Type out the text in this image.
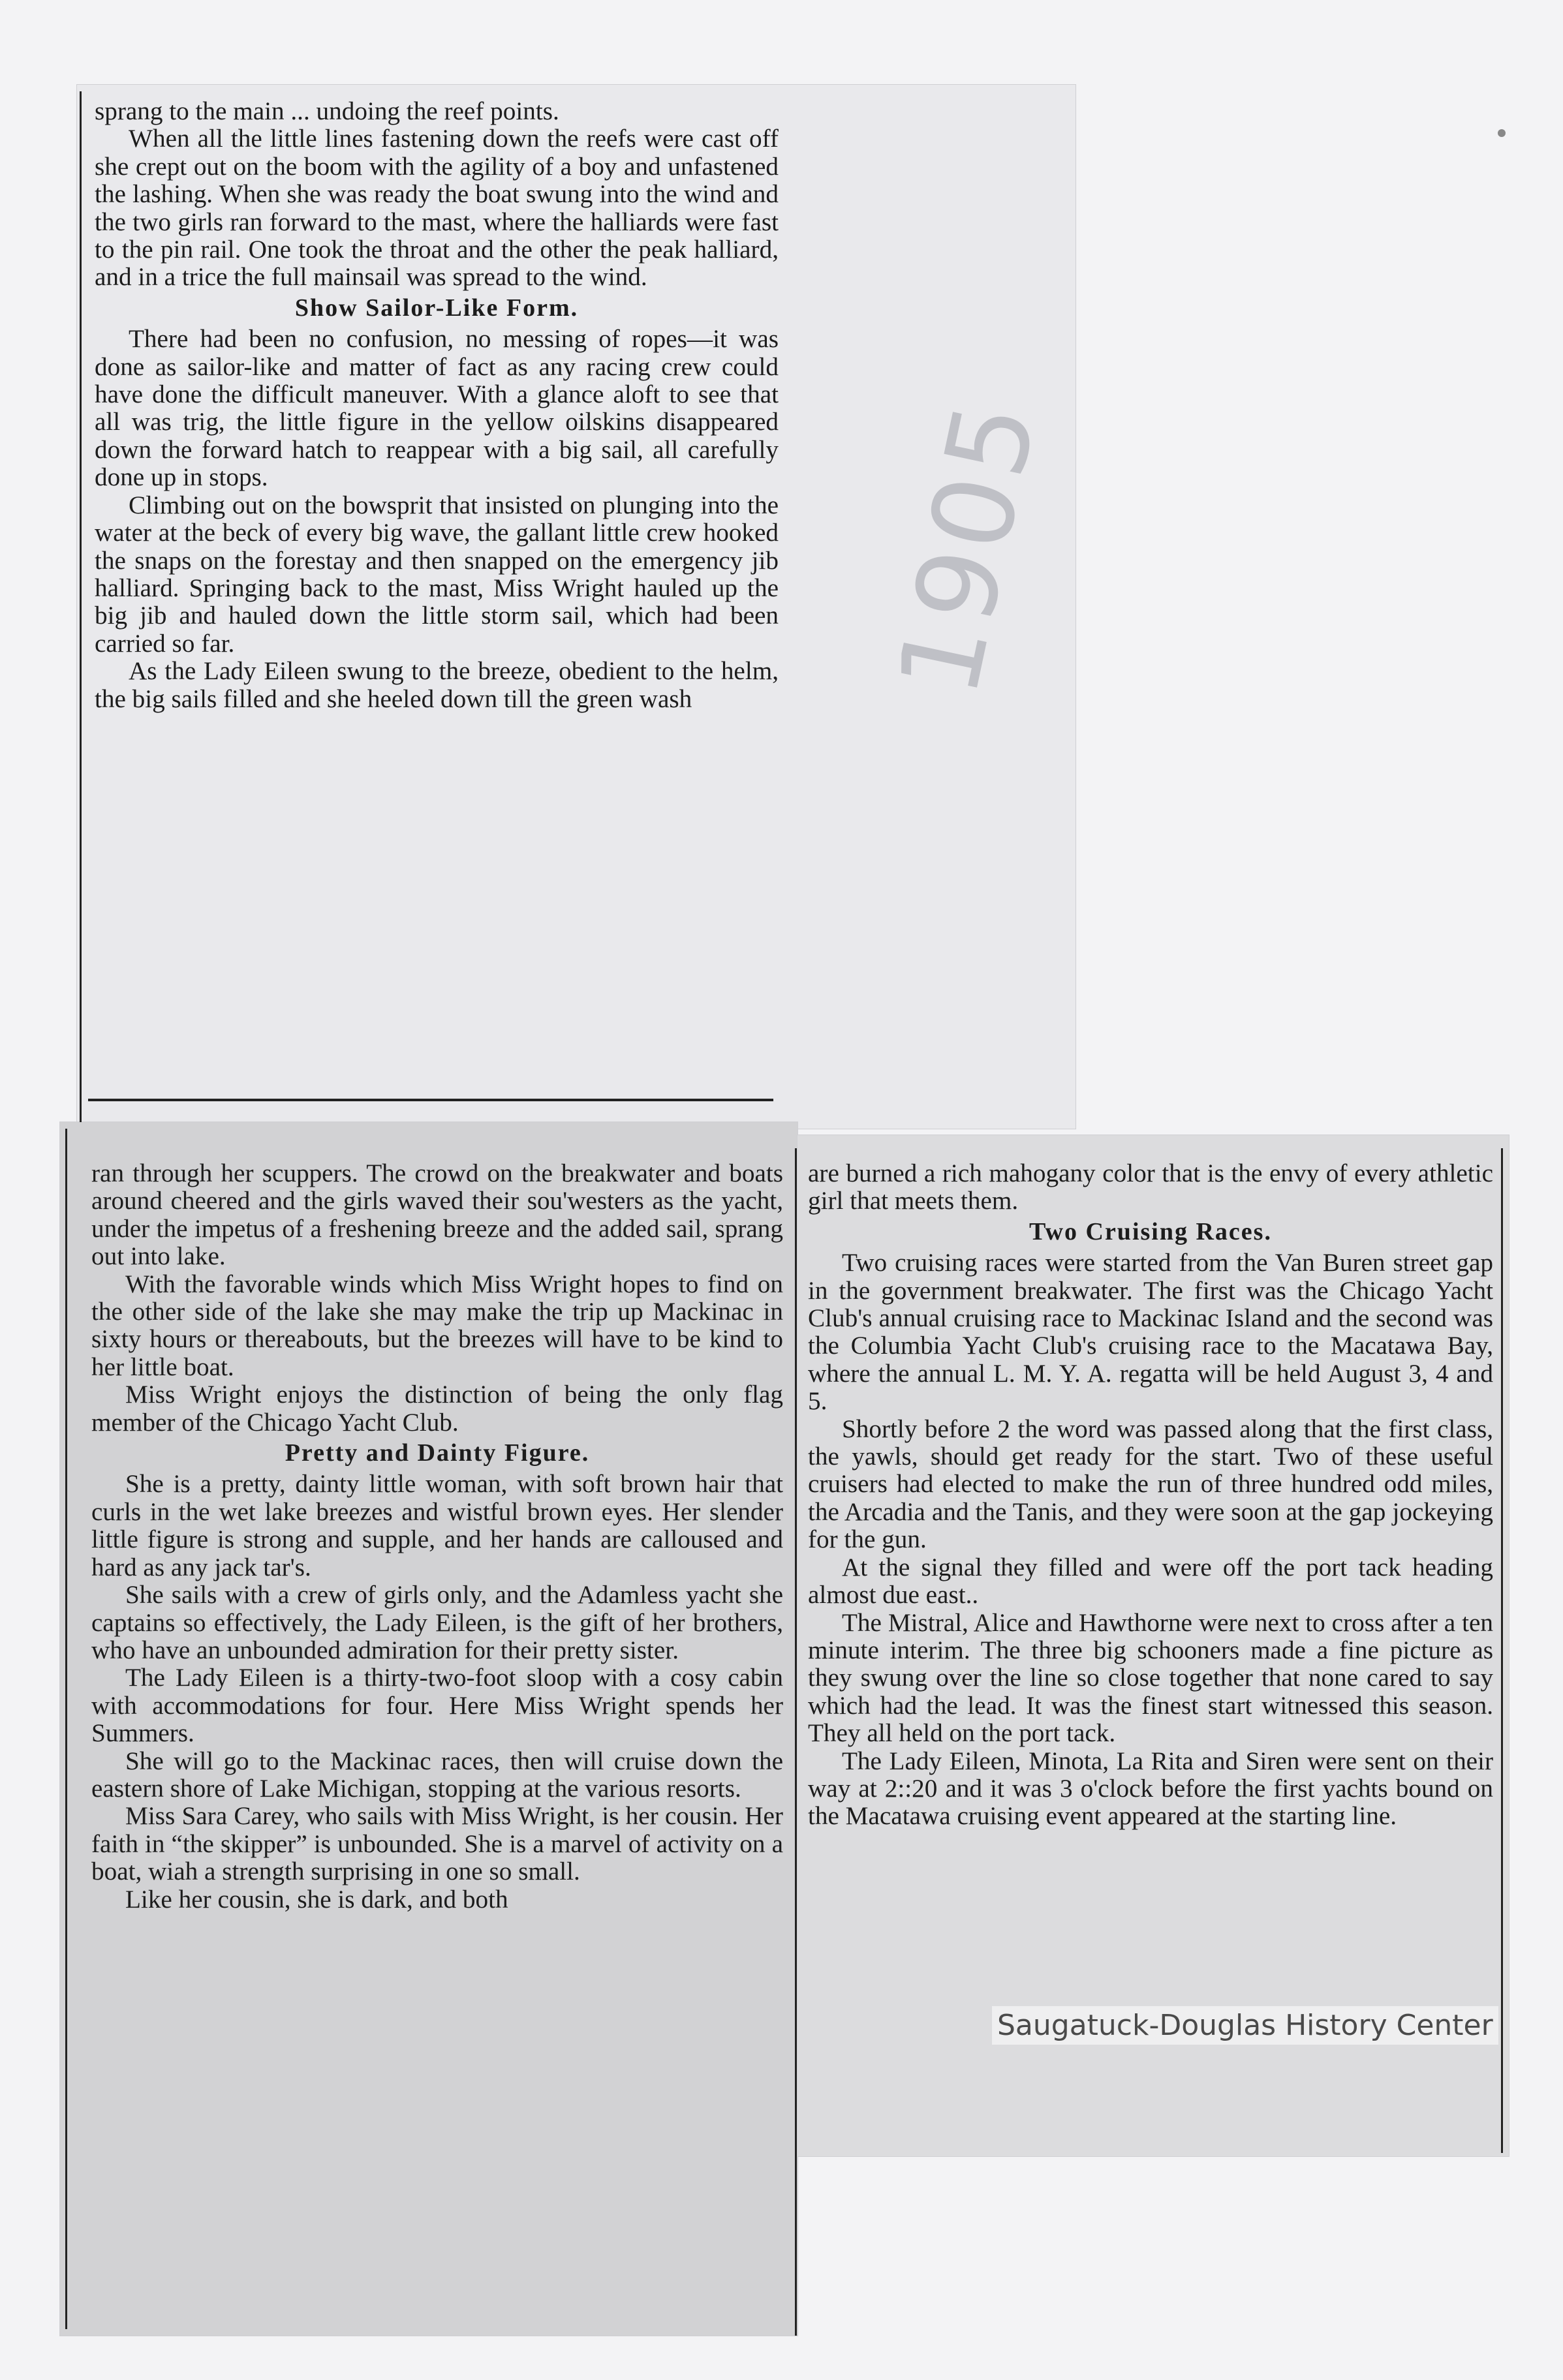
sprang to the main ... undoing the reef points.

When all the little lines fastening down the reefs were cast off she crept out on the boom with the agility of a boy and unfastened the lashing. When she was ready the boat swung into the wind and the two girls ran forward to the mast, where the halliards were fast to the pin rail. One took the throat and the other the peak halliard, and in a trice the full mainsail was spread to the wind.

Show Sailor-Like Form.

There had been no confusion, no messing of ropes—it was done as sailor-like and matter of fact as any racing crew could have done the difficult maneuver. With a glance aloft to see that all was trig, the little figure in the yellow oilskins disappeared down the forward hatch to reappear with a big sail, all carefully done up in stops.

Climbing out on the bowsprit that insisted on plunging into the water at the beck of every big wave, the gallant little crew hooked the snaps on the forestay and then snapped on the emergency jib halliard. Springing back to the mast, Miss Wright hauled up the big jib and hauled down the little storm sail, which had been carried so far.

As the Lady Eileen swung to the breeze, obedient to the helm, the big sails filled and she heeled down till the green wash

ran through her scuppers. The crowd on the breakwater and boats around cheered and the girls waved their sou'westers as the yacht, under the impetus of a freshening breeze and the added sail, sprang out into lake.

With the favorable winds which Miss Wright hopes to find on the other side of the lake she may make the trip up Mackinac in sixty hours or thereabouts, but the breezes will have to be kind to her little boat.

Miss Wright enjoys the distinction of being the only flag member of the Chicago Yacht Club.

Pretty and Dainty Figure.

She is a pretty, dainty little woman, with soft brown hair that curls in the wet lake breezes and wistful brown eyes. Her slender little figure is strong and supple, and her hands are calloused and hard as any jack tar's.

She sails with a crew of girls only, and the Adamless yacht she captains so effectively, the Lady Eileen, is the gift of her brothers, who have an unbounded admiration for their pretty sister.

The Lady Eileen is a thirty-two-foot sloop with a cosy cabin with accommodations for four. Here Miss Wright spends her Summers.

She will go to the Mackinac races, then will cruise down the eastern shore of Lake Michigan, stopping at the various resorts.

Miss Sara Carey, who sails with Miss Wright, is her cousin. Her faith in “the skipper” is unbounded. She is a marvel of activity on a boat, wiah a strength surprising in one so small.

Like her cousin, she is dark, and both

are burned a rich mahogany color that is the envy of every athletic girl that meets them.

Two Cruising Races.

Two cruising races were started from the Van Buren street gap in the government breakwater. The first was the Chicago Yacht Club's annual cruising race to Mackinac Island and the second was the Columbia Yacht Club's cruising race to the Macatawa Bay, where the annual L. M. Y. A. regatta will be held August 3, 4 and 5.

Shortly before 2 the word was passed along that the first class, the yawls, should get ready for the start. Two of these useful cruisers had elected to make the run of three hundred odd miles, the Arcadia and the Tanis, and they were soon at the gap jockeying for the gun.

At the signal they filled and were off the port tack heading almost due east..

The Mistral, Alice and Hawthorne were next to cross after a ten minute interim. The three big schooners made a fine picture as they swung over the line so close together that none cared to say which had the lead. It was the finest start witnessed this season. They all held on the port tack.

The Lady Eileen, Minota, La Rita and Siren were sent on their way at 2::20 and it was 3 o'clock before the first yachts bound on the Macatawa cruising event appeared at the starting line.

1905
Saugatuck-Douglas History Center
